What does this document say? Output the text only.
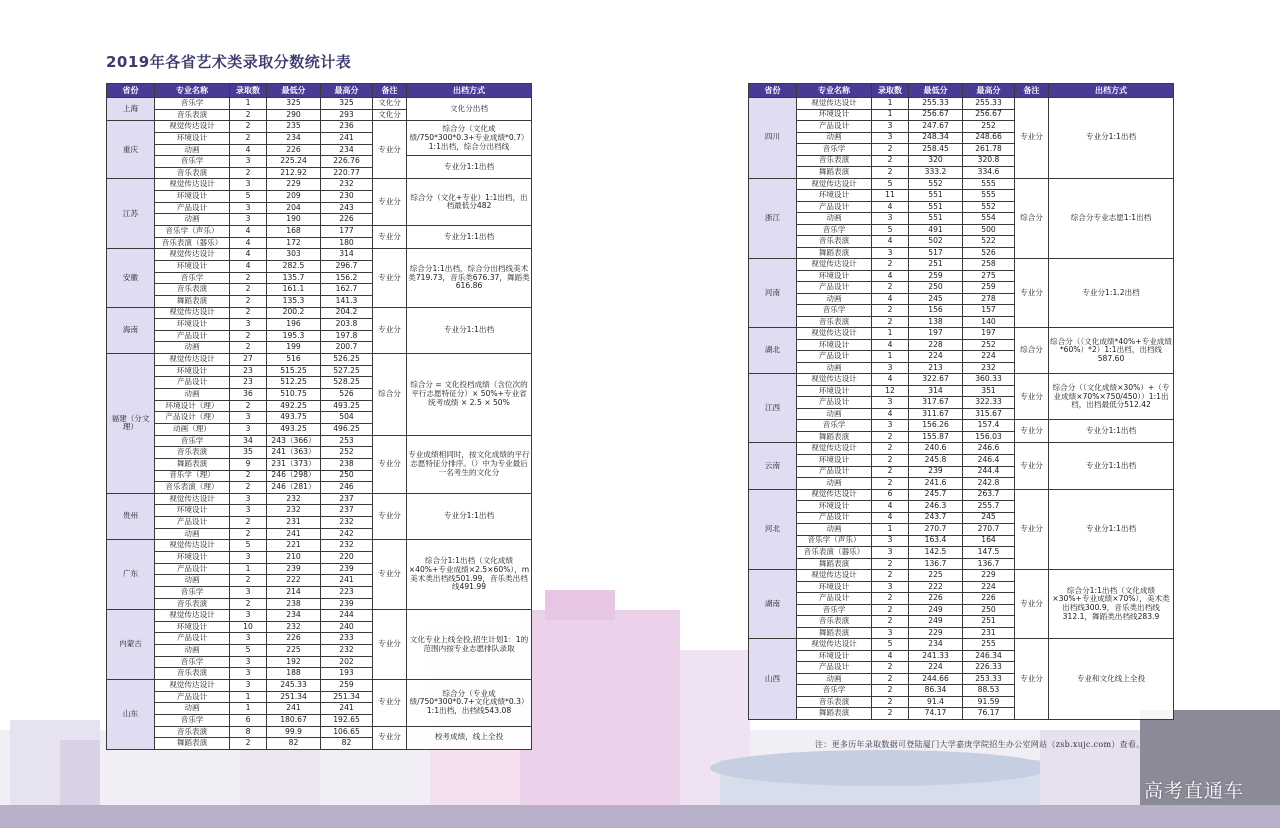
2019年各省艺术类录取分数统计表
省份	专业名称	录取数	最低分	最高分	备注	出档方式
上海	音乐学	1	325	325	文化分	文化分出档
	音乐表演	2	290	293	文化分	
重庆	视觉传达设计	2	235	236	专业分	综合分（文化成绩/750*300*0.3+专业成绩*0.7）1:1出档，综合分出档线
	环境设计	2	234	241		
	动画	4	226	234		
	音乐学	3	225.24	226.76		专业分1:1出档
	音乐表演	2	212.92	220.77		
江苏	视觉传达设计	3	229	232	专业分	综合分（文化+专业）1:1出档，出档最低分482
	环境设计	5	209	230		
	产品设计	3	204	243		
	动画	3	190	226		
	音乐学（声乐）	4	168	177	专业分	专业分1:1出档
	音乐表演（器乐）	4	172	180		
安徽	视觉传达设计	4	303	314	专业分	综合分1:1出档，综合分出档线美术类719.73，音乐类676.37，舞蹈类616.86
	环境设计	4	282.5	296.7		
	音乐学	2	135.7	156.2		
	音乐表演	2	161.1	162.7		
	舞蹈表演	2	135.3	141.3		
海南	视觉传达设计	2	200.2	204.2	专业分	专业分1:1出档
	环境设计	3	196	203.8		
	产品设计	2	195.3	197.8		
	动画	2	199	200.7		
福建（分文理）	视觉传达设计	27	516	526.25	综合分	综合分 = 文化投档成绩（含位次的平行志愿特征分）× 50%+专业省统考成绩 × 2.5 × 50%
	环境设计	23	515.25	527.25		
	产品设计	23	512.25	528.25		
	动画	36	510.75	526		
	环境设计（理）	2	492.25	493.25		
	产品设计（理）	3	493.75	504		
	动画（理）	3	493.25	496.25		
	音乐学	34	243（366）	253	专业分	专业成绩相同时，按文化成绩的平行志愿特征分排序。（）中为专业最后一名考生的文化分
	音乐表演	35	241（363）	252		
	舞蹈表演	9	231（373）	238		
	音乐学（理）	2	246（298）	250		
	音乐表演（理）	2	246（281）	246		
贵州	视觉传达设计	3	232	237	专业分	专业分1:1出档
	环境设计	3	232	237		
	产品设计	2	231	232		
	动画	2	241	242		
广东	视觉传达设计	5	221	232	专业分	综合分1:1出档（文化成绩×40%+专业成绩×2.5×60%），m美术类出档线501.99，音乐类出档线491.99
	环境设计	3	210	220		
	产品设计	1	239	239		
	动画	2	222	241		
	音乐学	3	214	223		
	音乐表演	2	238	239		
内蒙古	视觉传达设计	3	234	244	专业分	文化专业上线全投,招生计划1：1的范围内按专业志愿排队录取
	环境设计	10	232	240		
	产品设计	3	226	233		
	动画	5	225	232		
	音乐学	3	192	202		
	音乐表演	3	188	193		
山东	视觉传达设计	3	245.33	259	专业分	综合分（专业成绩/750*300*0.7+文化成绩*0.3）1:1出档，出档线543.08
	产品设计	1	251.34	251.34		
	动画	1	241	241		
	音乐学	6	180.67	192.65		
	音乐表演	8	99.9	106.65	专业分	校考成绩，线上全投
	舞蹈表演	2	82	82		
省份	专业名称	录取数	最低分	最高分	备注	出档方式
四川	视觉传达设计	1	255.33	255.33	专业分	专业分1:1出档
	环境设计	1	256.67	256.67		
	产品设计	3	247.67	252		
	动画	3	248.34	248.66		
	音乐学	2	258.45	261.78		
	音乐表演	2	320	320.8		
	舞蹈表演	2	333.2	334.6		
浙江	视觉传达设计	5	552	555	综合分	综合分专业志愿1:1出档
	环境设计	11	551	555		
	产品设计	4	551	552		
	动画	3	551	554		
	音乐学	5	491	500		
	音乐表演	4	502	522		
	舞蹈表演	3	517	526		
河南	视觉传达设计	2	251	258	专业分	专业分1:1.2出档
	环境设计	4	259	275		
	产品设计	2	250	259		
	动画	4	245	278		
	音乐学	2	156	157		
	音乐表演	2	138	140		
湖北	视觉传达设计	1	197	197	综合分	综合分（（文化成绩*40%+专业成绩*60%）*2）1:1出档，出档线587.60
	环境设计	4	228	252		
	产品设计	1	224	224		
	动画	3	213	232		
江西	视觉传达设计	4	322.67	360.33	专业分	综合分（（文化成绩×30%）+（专业成绩×70%×750/450））1:1出档，出档最低分512.42
	环境设计	12	314	351		
	产品设计	3	317.67	322.33		
	动画	4	311.67	315.67		
	音乐学	3	156.26	157.4	专业分	专业分1:1出档
	舞蹈表演	2	155.87	156.03		
云南	视觉传达设计	2	240.6	246.6	专业分	专业分1:1出档
	环境设计	2	245.8	246.4		
	产品设计	2	239	244.4		
	动画	2	241.6	242.8		
河北	视觉传达设计	6	245.7	263.7	专业分	专业分1:1出档
	环境设计	4	246.3	255.7		
	产品设计	4	243.7	245		
	动画	1	270.7	270.7		
	音乐学（声乐）	3	163.4	164		
	音乐表演（器乐）	3	142.5	147.5		
	舞蹈表演	2	136.7	136.7		
湖南	视觉传达设计	2	225	229	专业分	综合分1:1出档（文化成绩×30%+专业成绩×70%），美术类出档线300.9，音乐类出档线312.1，舞蹈类出档线283.9
	环境设计	3	222	224		
	产品设计	2	226	226		
	音乐学	2	249	250		
	音乐表演	2	249	251		
	舞蹈表演	3	229	231		
山西	视觉传达设计	5	234	255	专业分	专业和文化线上全投
	环境设计	4	241.33	246.34		
	产品设计	2	224	226.33		
	动画	2	244.66	253.33		
	音乐学	2	86.34	88.53		
	音乐表演	2	91.4	91.59		
	舞蹈表演	2	74.17	76.17		
注：更多历年录取数据可登陆厦门大学嘉庚学院招生办公室网站（zsb.xujc.com）查看。
高考直通车
